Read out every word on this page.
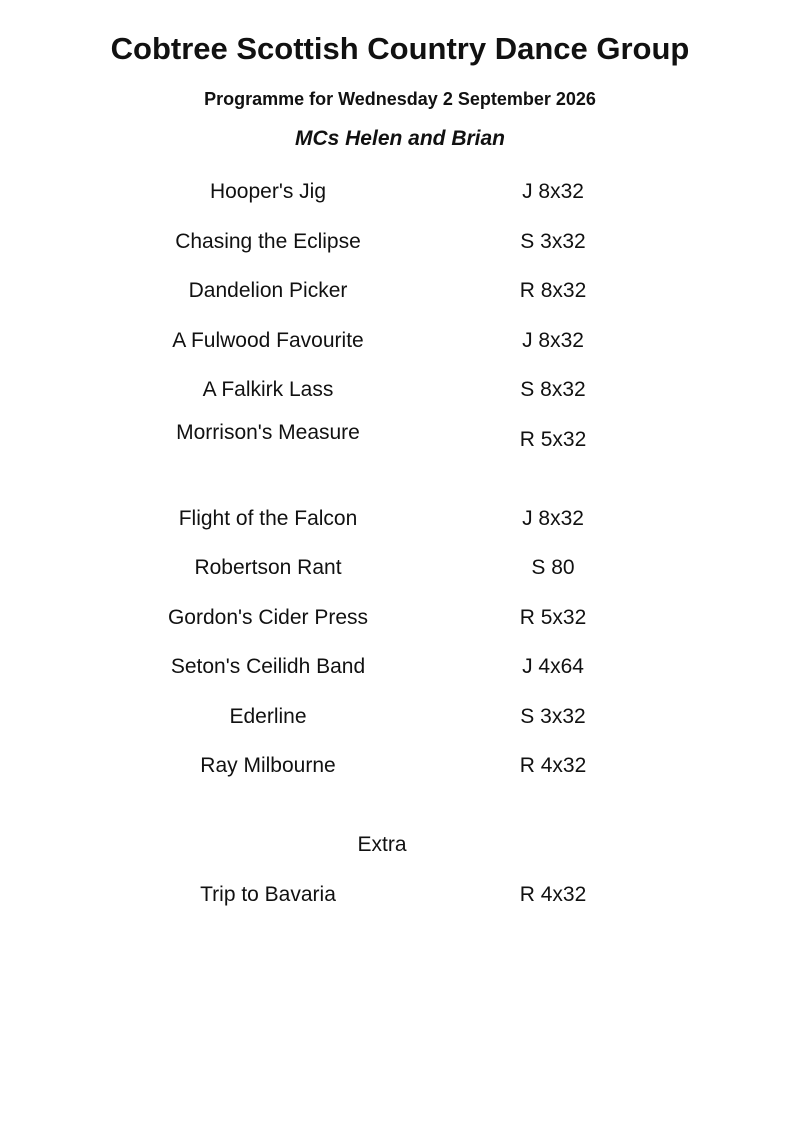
Cobtree Scottish Country Dance Group
Programme for Wednesday 2 September 2026
MCs Helen and Brian
Hooper's Jig	J 8x32
Chasing the Eclipse	S 3x32
Dandelion Picker	R 8x32
A Fulwood Favourite	J 8x32
A Falkirk Lass	S 8x32
Morrison's Measure	R 5x32
Flight of the Falcon	J 8x32
Robertson Rant	S 80
Gordon's Cider Press	R 5x32
Seton's Ceilidh Band	J 4x64
Ederline	S 3x32
Ray Milbourne	R 4x32
Extra
Trip to Bavaria	R 4x32
